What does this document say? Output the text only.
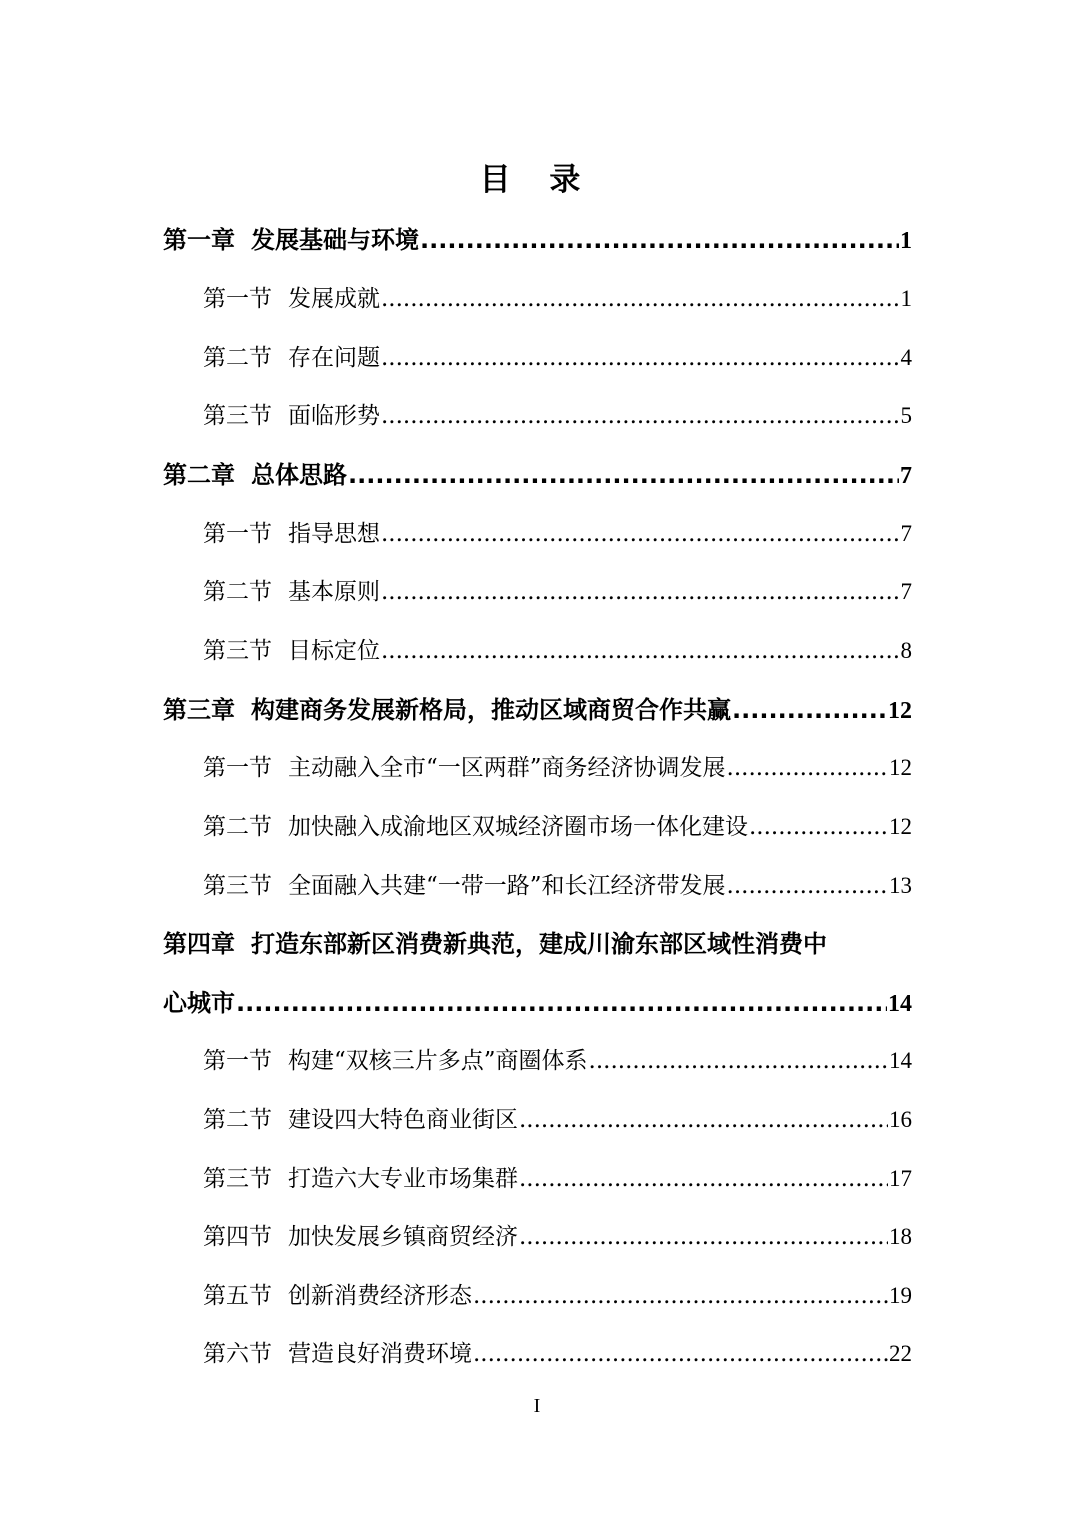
目 录
第一章 发展基础与环境 .....	1
第一节 发展成就 .....	1
第二节 存在问题 .....	4
第三节 面临形势 .....	5
第二章 总体思路 .....	7
第一节 指导思想 .....	7
第二节 基本原则 .....	7
第三节 目标定位 .....	8
第三章 构建商务发展新格局，推动区域商贸合作共赢 .....	12
第一节 主动融入全市“一区两群”商务经济协调发展 .....	12
第二节 加快融入成渝地区双城经济圈市场一体化建设 .....	12
第三节 全面融入共建“一带一路”和长江经济带发展 .....	13
第四章 打造东部新区消费新典范，建成川渝东部区域性消费中
心城市 .....	14
第一节 构建“双核三片多点”商圈体系 .....	14
第二节 建设四大特色商业街区 .....	16
第三节 打造六大专业市场集群 .....	17
第四节 加快发展乡镇商贸经济 .....	18
第五节 创新消费经济形态 .....	19
第六节 营造良好消费环境 .....	22
I
